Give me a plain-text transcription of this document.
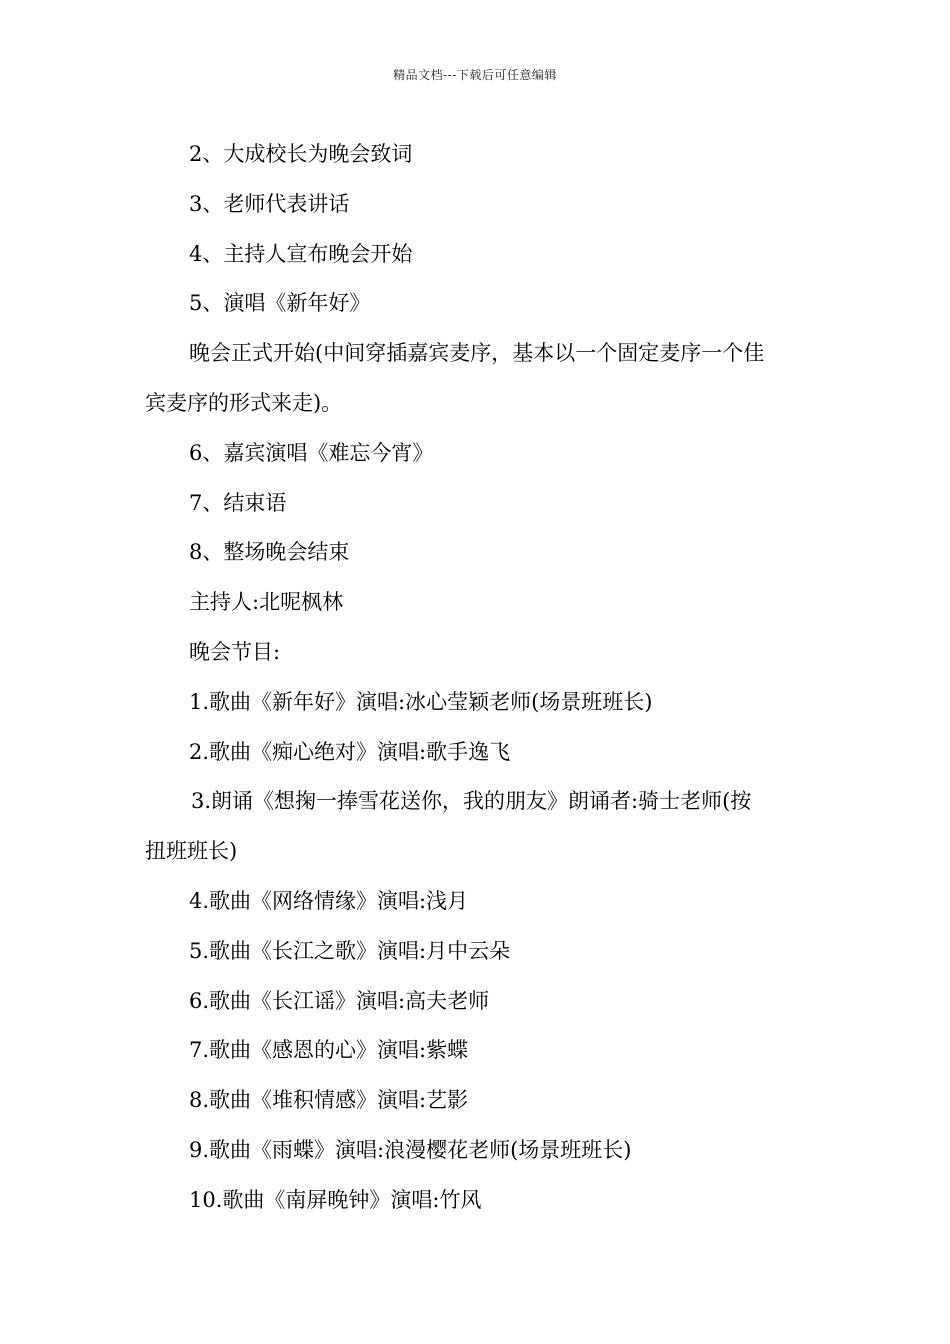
精品文档---下载后可任意编辑
2、大成校长为晚会致词
3、老师代表讲话
4、主持人宣布晚会开始
5、演唱《新年好》
晚会正式开始(中间穿插嘉宾麦序，基本以一个固定麦序一个佳
宾麦序的形式来走)。
6、嘉宾演唱《难忘今宵》
7、结束语
8、整场晚会结束
主持人:北呢枫林
晚会节目:
1.歌曲《新年好》演唱:冰心莹颖老师(场景班班长)
2.歌曲《痴心绝对》演唱:歌手逸飞
3.朗诵《想掬一捧雪花送你，我的朋友》朗诵者:骑士老师(按
扭班班长)
4.歌曲《网络情缘》演唱:浅月
5.歌曲《长江之歌》演唱:月中云朵
6.歌曲《长江谣》演唱:高夫老师
7.歌曲《感恩的心》演唱:紫蝶
8.歌曲《堆积情感》演唱:艺影
9.歌曲《雨蝶》演唱:浪漫樱花老师(场景班班长)
10.歌曲《南屏晚钟》演唱:竹风
